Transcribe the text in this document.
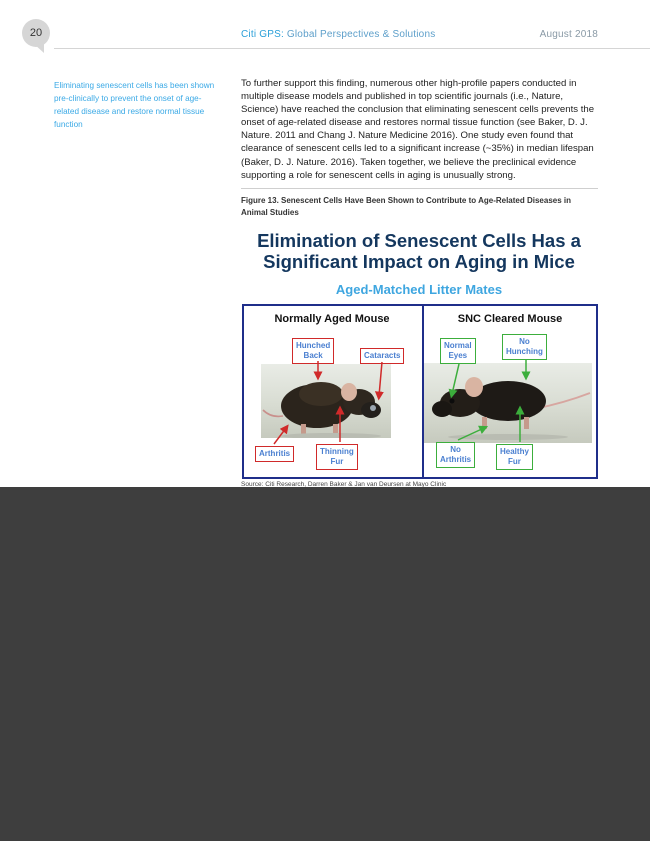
20	Citi GPS: Global Perspectives & Solutions	August 2018
Eliminating senescent cells has been shown pre-clinically to prevent the onset of age-related disease and restore normal tissue function
To further support this finding, numerous other high-profile papers conducted in multiple disease models and published in top scientific journals (i.e., Nature, Science) have reached the conclusion that eliminating senescent cells prevents the onset of age-related disease and restores normal tissue function (see Baker, D. J. Nature. 2011 and Chang J. Nature Medicine 2016). One study even found that clearance of senescent cells led to a significant increase (~35%) in median lifespan (Baker, D. J. Nature. 2016). Taken together, we believe the preclinical evidence supporting a role for senescent cells in aging is unusually strong.
Figure 13. Senescent Cells Have Been Shown to Contribute to Age-Related Diseases in Animal Studies
Elimination of Senescent Cells Has a Significant Impact on Aging in Mice
Aged-Matched Litter Mates
Normally Aged Mouse
Hunched
Back	Cataracts
Arthritis	Thinning
Fur
SNC Cleared Mouse
Normal
Eyes
No
Hunching
No
Arthritis
Healthy
Fur
Source: Citi Research, Darren Baker & Jan van Deursen at Mayo Clinic
